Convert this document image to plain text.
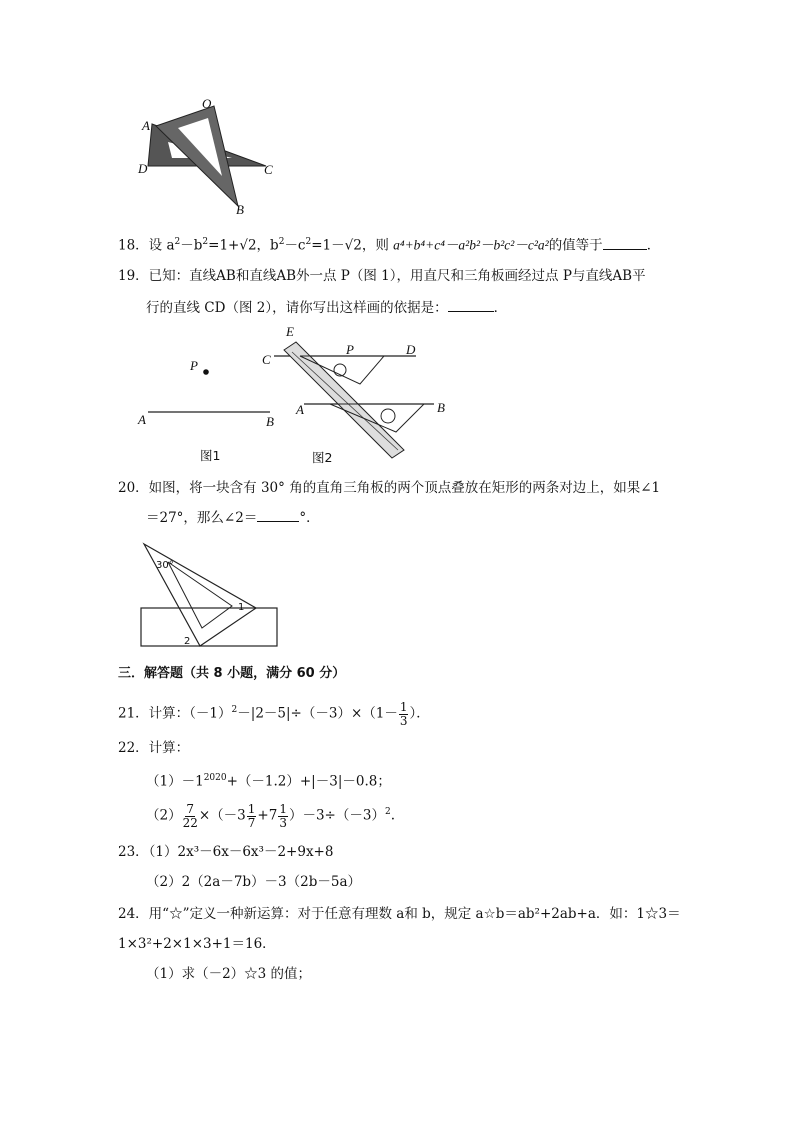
O
A
D	C
B
18．设 $a^2-b^2=1+√2$，$b^2-c^2=1-√2$，则 a⁴+b⁴+c⁴－a²b²－b²c²－c²a²的值等于	．
19．已知：直线AB和直线AB外一点 P（图 1），用直尺和三角板画经过点 P与直线AB平
行的直线 CD（图 2），请你写出这样画的依据是：	．
P
A	B
图1
E
C
P	D
A	B
图2
20．如图，将一块含有 30° 角的直角三角板的两个顶点叠放在矩形的两条对边上，如果∠1
＝27°，那么∠2＝	°．
30°
1
2
三．解答题（共 8 小题，满分 60 分）
21．计算：$(-1)^2-|2-5|\div(-3)\times(1- \frac{1}{3}$ ）．
22．计算：
$(1)-1^{2020}+(-1.2)+|-3|-0.8$；
$(2) \frac{7}{22} \times(-3 \frac{1}{7} +7 \frac{1}{3} )-3\div(-3)^2$.
23．（1）2x³－6x－6x³－2+9x+8
（2）2（2a－7b）－3（2b－5a）
24．用“☆”定义一种新运算：对于任意有理数 a和 b，规定 a☆b＝ab²+2ab+a．如：1☆3＝
1×3²+2×1×3+1＝16．
（1）求（－2）☆3 的值；
